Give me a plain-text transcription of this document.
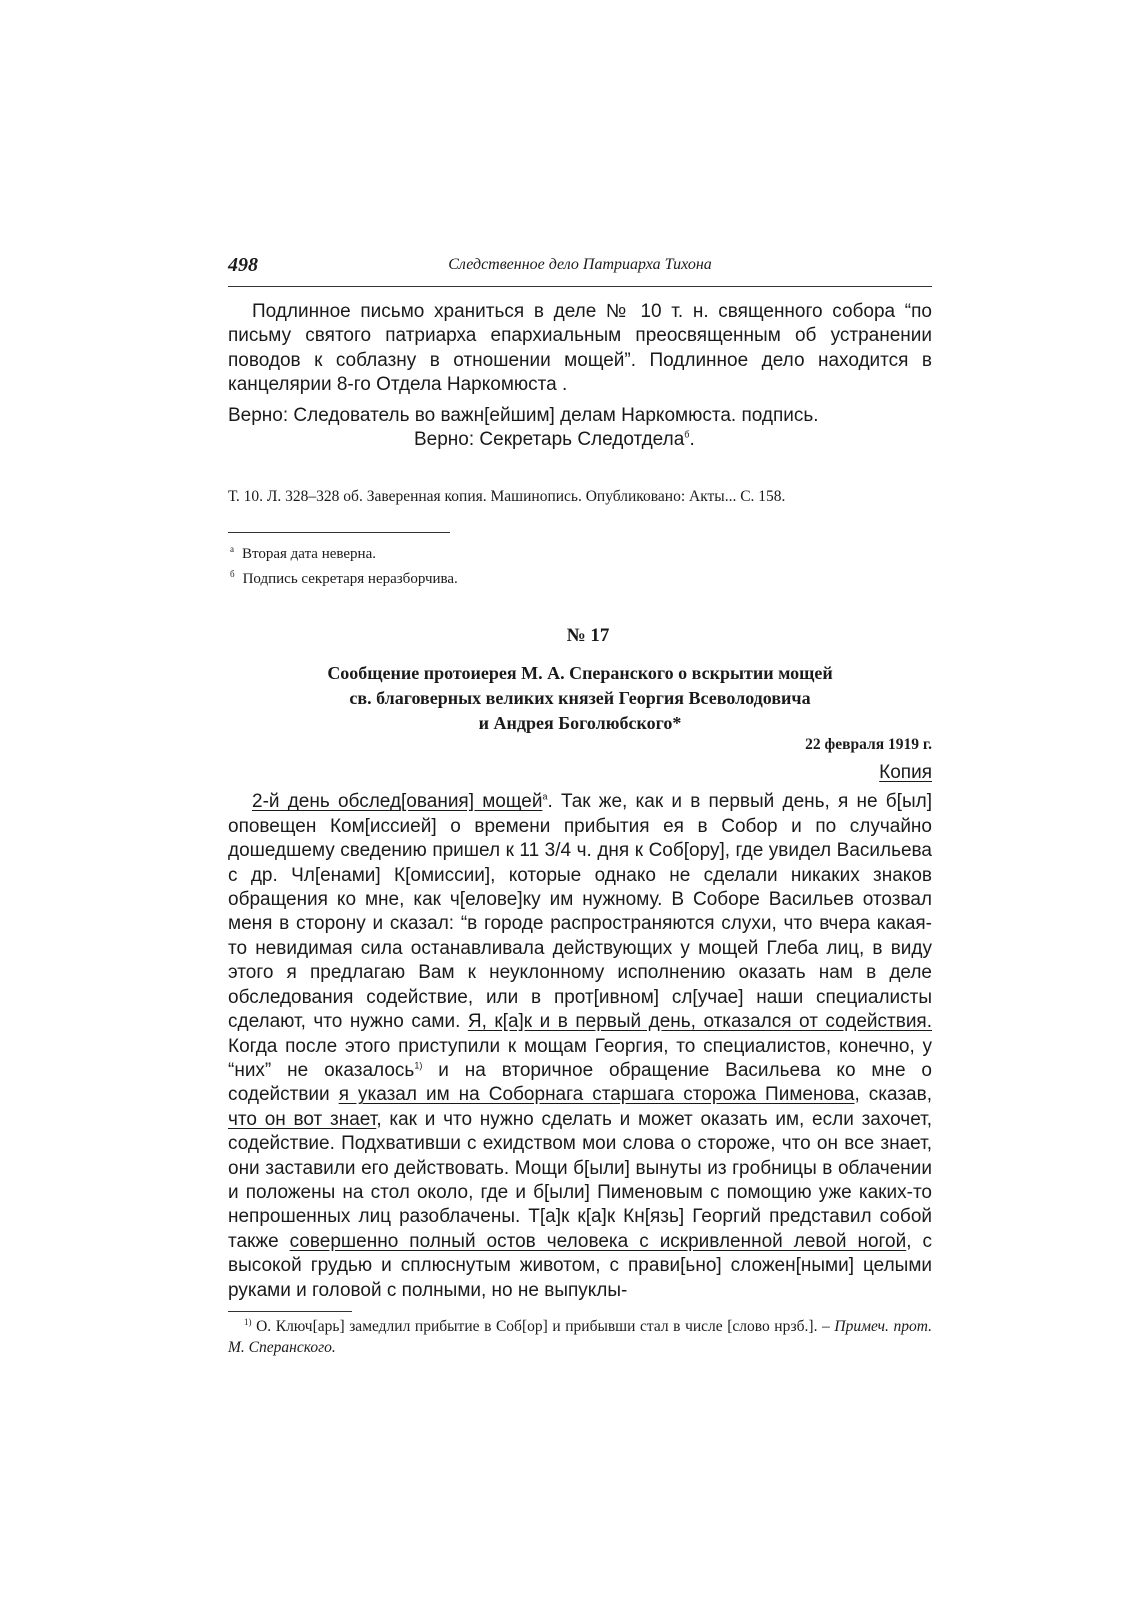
498	Следственное дело Патриарха Тихона

Подлинное письмо храниться в деле № 10 т. н. священного собора “по письму святого патриарха епархиальным преосвященным об устранении поводов к соблазну в отношении мощей”. Подлинное дело находится в канцелярии 8-го Отдела Наркомюста .

Верно: Следователь во важн[ейшим] делам Наркомюста. подпись.

Верно: Секретарь Следотдела$^б$.

Т. 10. Л. 328–328 об. Заверенная копия. Машинопись. Опубликовано: Акты... С. 158.

$^а$ Вторая дата неверна.

$^б$ Подпись секретаря неразборчива.

№ 17

Сообщение протоиерея М. А. Сперанского о вскрытии мощей
св. благоверных великих князей Георгия Всеволодовича
и Андрея Боголюбского*

22 февраля 1919 г.

Копия

2-й день обслед[ования] мощей$^а$. Так же, как и в первый день, я не б[ыл] оповещен Ком[иссией] о времени прибытия ея в Собор и по случайно дошедшему сведению пришел к 11 3/4 ч. дня к Соб[ору], где увидел Васильева с др. Чл[енами] К[омиссии], которые однако не сделали никаких знаков обращения ко мне, как ч[елове]ку им нужному. В Соборе Васильев отозвал меня в сторону и сказал: “в городе распространяются слухи, что вчера какая-то невидимая сила останавливала действующих у мощей Глеба лиц, в виду этого я предлагаю Вам к неуклонному исполнению оказать нам в деле обследования содействие, или в прот[ивном] сл[учае] наши специалисты сделают, что нужно сами. Я, к[а]к и в первый день, отказался от содействия. Когда после этого приступили к мощам Георгия, то специалистов, конечно, у “них” не оказалось$^{1)}$ и на вторичное обращение Васильева ко мне о содействии я указал им на Соборнага старшага сторожа Пименова, сказав, что он вот знает, как и что нужно сделать и может оказать им, если захочет, содействие. Подхвативши с ехидством мои слова о стороже, что он все знает, они заставили его действовать. Мощи б[ыли] вынуты из гробницы в облачении и положены на стол около, где и б[ыли] Пименовым с помощию уже каких-то непрошенных лиц разоблачены. Т[а]к к[а]к Кн[язь] Георгий представил собой также совершенно полный остов человека с искривленной левой ногой, с высокой грудью и сплюснутым животом, с прави[ьно] сложен[ными] целыми руками и головой с полными, но не выпуклы-

$^{1)}$ О. Ключ[арь] замедлил прибытие в Соб[ор] и прибывши стал в числе [слово нрзб.]. – Примеч. прот. М. Сперанского.
